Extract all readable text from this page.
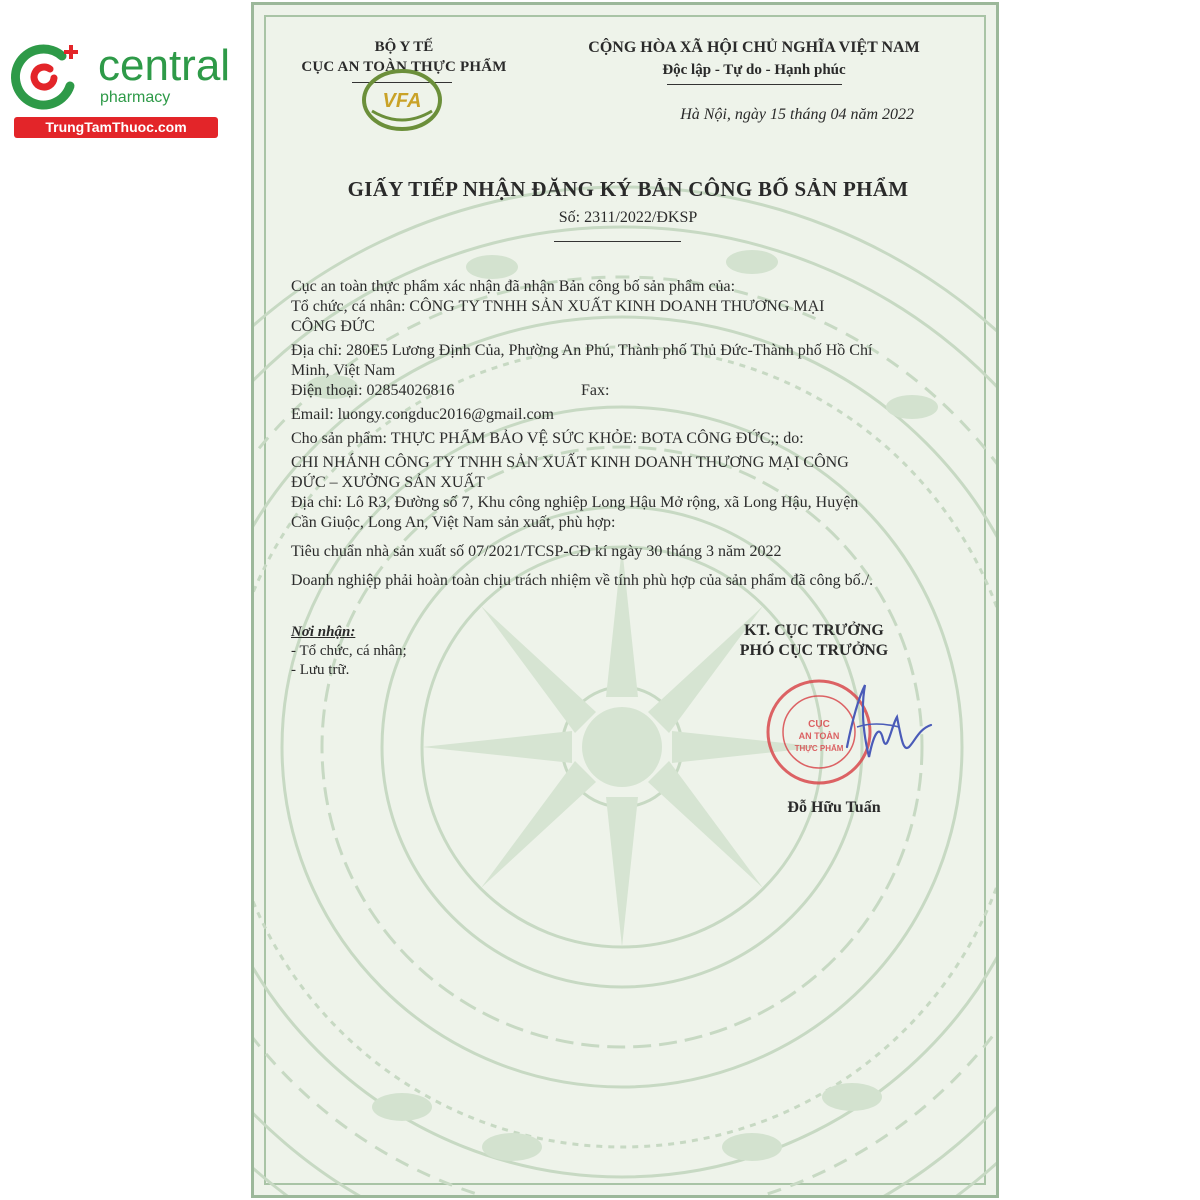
central
pharmacy
TrungTamThuoc.com
BỘ Y TẾ
CỤC AN TOÀN THỰC PHẨM
VFA
CỘNG HÒA XÃ HỘI CHỦ NGHĨA VIỆT NAM
Độc lập - Tự do - Hạnh phúc
Hà Nội, ngày 15 tháng 04 năm 2022
GIẤY TIẾP NHẬN ĐĂNG KÝ BẢN CÔNG BỐ SẢN PHẨM
Số: 2311/2022/ĐKSP

Cục an toàn thực phẩm xác nhận đã nhận Bản công bố sản phẩm của:

Tổ chức, cá nhân: CÔNG TY TNHH SẢN XUẤT KINH DOANH THƯƠNG MẠI

CÔNG ĐỨC

Địa chỉ: 280E5 Lương Định Của, Phường An Phú, Thành phố Thủ Đức-Thành phố Hồ Chí

Minh, Việt Nam

Điện thoại: 02854026816	Fax:

Email: luongy.congduc2016@gmail.com

Cho sản phẩm: THỰC PHẨM BẢO VỆ SỨC KHỎE: BOTA CÔNG ĐỨC;; do:

CHI NHÁNH CÔNG TY TNHH SẢN XUẤT KINH DOANH THƯƠNG MẠI CÔNG

ĐỨC – XƯỞNG SẢN XUẤT

Địa chỉ: Lô R3, Đường số 7, Khu công nghiệp Long Hậu Mở rộng, xã Long Hậu, Huyện

Cần Giuộc, Long An, Việt Nam sản xuất, phù hợp:

Tiêu chuẩn nhà sản xuất số 07/2021/TCSP-CĐ kí ngày 30 tháng 3 năm 2022

Doanh nghiệp phải hoàn toàn chịu trách nhiệm về tính phù hợp của sản phẩm đã công bố./.

Nơi nhận:
- Tổ chức, cá nhân;
- Lưu trữ.
KT. CỤC TRƯỞNG
PHÓ CỤC TRƯỞNG
CỤC
AN TOÀN
THỰC PHẨM
Đỗ Hữu Tuấn
